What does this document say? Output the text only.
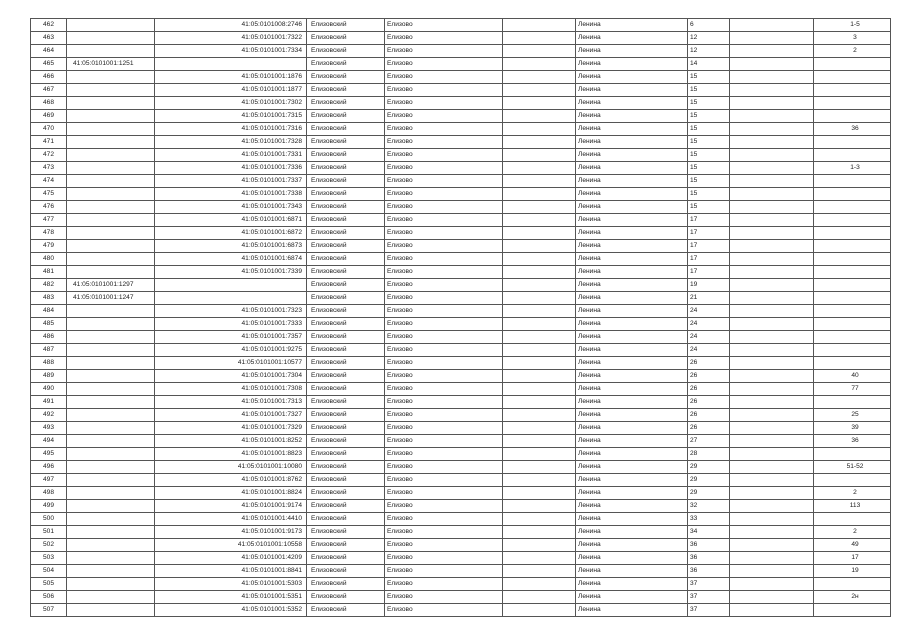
462		41:05:0101008:2746	Елизовский	Елизово		Ленина	6		1-5
463		41:05:0101001:7322	Елизовский	Елизово		Ленина	12		3
464		41:05:0101001:7334	Елизовский	Елизово		Ленина	12		2
465	41:05:0101001:1251		Елизовский	Елизово		Ленина	14		
466		41:05:0101001:1876	Елизовский	Елизово		Ленина	15		
467		41:05:0101001:1877	Елизовский	Елизово		Ленина	15		
468		41:05:0101001:7302	Елизовский	Елизово		Ленина	15		
469		41:05:0101001:7315	Елизовский	Елизово		Ленина	15		
470		41:05:0101001:7316	Елизовский	Елизово		Ленина	15		36
471		41:05:0101001:7328	Елизовский	Елизово		Ленина	15		
472		41:05:0101001:7331	Елизовский	Елизово		Ленина	15		
473		41:05:0101001:7336	Елизовский	Елизово		Ленина	15		1-3
474		41:05:0101001:7337	Елизовский	Елизово		Ленина	15		
475		41:05:0101001:7338	Елизовский	Елизово		Ленина	15		
476		41:05:0101001:7343	Елизовский	Елизово		Ленина	15		
477		41:05:0101001:6871	Елизовский	Елизово		Ленина	17		
478		41:05:0101001:6872	Елизовский	Елизово		Ленина	17		
479		41:05:0101001:6873	Елизовский	Елизово		Ленина	17		
480		41:05:0101001:6874	Елизовский	Елизово		Ленина	17		
481		41:05:0101001:7339	Елизовский	Елизово		Ленина	17		
482	41:05:0101001:1297		Елизовский	Елизово		Ленина	19		
483	41:05:0101001:1247		Елизовский	Елизово		Ленина	21		
484		41:05:0101001:7323	Елизовский	Елизово		Ленина	24		
485		41:05:0101001:7333	Елизовский	Елизово		Ленина	24		
486		41:05:0101001:7357	Елизовский	Елизово		Ленина	24		
487		41:05:0101001:9275	Елизовский	Елизово		Ленина	24		
488		41:05:0101001:10577	Елизовский	Елизово		Ленина	26		
489		41:05:0101001:7304	Елизовский	Елизово		Ленина	26		40
490		41:05:0101001:7308	Елизовский	Елизово		Ленина	26		77
491		41:05:0101001:7313	Елизовский	Елизово		Ленина	26		
492		41:05:0101001:7327	Елизовский	Елизово		Ленина	26		25
493		41:05:0101001:7329	Елизовский	Елизово		Ленина	26		39
494		41:05:0101001:8252	Елизовский	Елизово		Ленина	27		36
495		41:05:0101001:8823	Елизовский	Елизово		Ленина	28		
496		41:05:0101001:10080	Елизовский	Елизово		Ленина	29		51-52
497		41:05:0101001:8762	Елизовский	Елизово		Ленина	29		
498		41:05:0101001:8824	Елизовский	Елизово		Ленина	29		2
499		41:05:0101001:9174	Елизовский	Елизово		Ленина	32		113
500		41:05:0101001:4410	Елизовский	Елизово		Ленина	33		
501		41:05:0101001:9173	Елизовский	Елизово		Ленина	34		2
502		41:05:0101001:10558	Елизовский	Елизово		Ленина	36		49
503		41:05:0101001:4209	Елизовский	Елизово		Ленина	36		17
504		41:05:0101001:8841	Елизовский	Елизово		Ленина	36		19
505		41:05:0101001:5303	Елизовский	Елизово		Ленина	37		
506		41:05:0101001:5351	Елизовский	Елизово		Ленина	37		2н
507		41:05:0101001:5352	Елизовский	Елизово		Ленина	37		
